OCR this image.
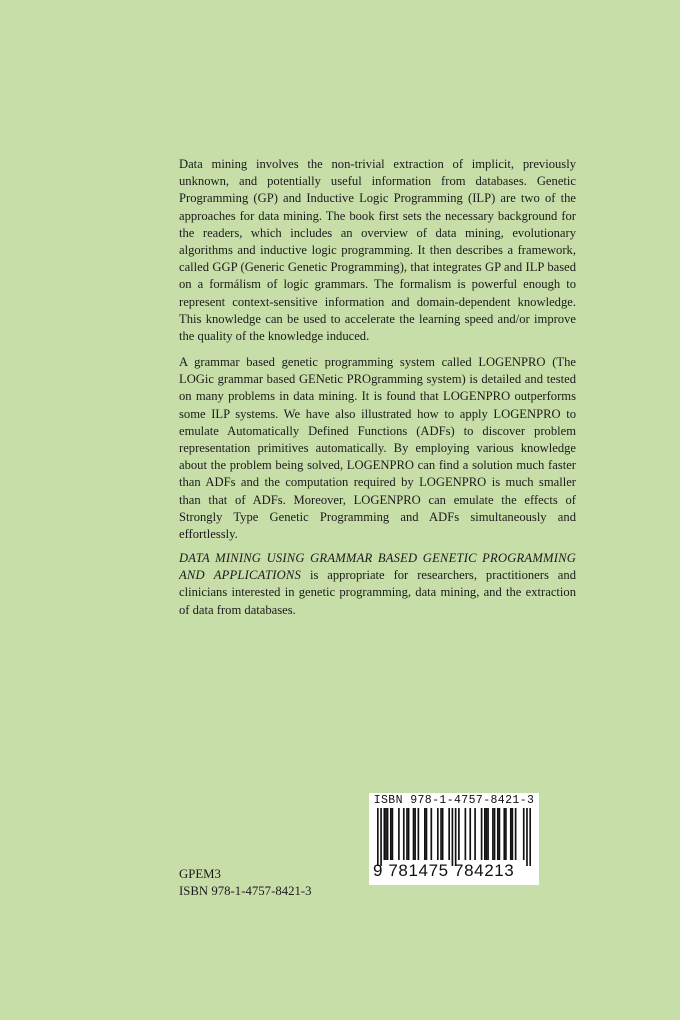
Data mining involves the non-trivial extraction of implicit, previously unknown, and potentially useful information from databases. Genetic Programming (GP) and Inductive Logic Programming (ILP) are two of the approaches for data mining. The book first sets the necessary background for the readers, which includes an overview of data mining, evolutionary algorithms and inductive logic programming. It then describes a framework, called GGP (Generic Genetic Programming), that integrates GP and ILP based on a formálism of logic grammars. The formalism is powerful enough to represent context-sensitive information and domain-dependent knowledge. This knowledge can be used to accelerate the learning speed and/or improve the quality of the knowledge induced.

A grammar based genetic programming system called LOGENPRO (The LOGic grammar based GENetic PROgramming system) is detailed and tested on many problems in data mining. It is found that LOGENPRO outperforms some ILP systems. We have also illustrated how to apply LOGENPRO to emulate Automatically Defined Functions (ADFs) to discover problem representation primitives automatically. By employing various knowledge about the problem being solved, LOGENPRO can find a solution much faster than ADFs and the computation required by LOGENPRO is much smaller than that of ADFs. Moreover, LOGENPRO can emulate the effects of Strongly Type Genetic Programming and ADFs simultaneously and effortlessly.

DATA MINING USING GRAMMAR BASED GENETIC PROGRAMMING AND APPLICATIONS is appropriate for researchers, practitioners and clinicians interested in genetic programming, data mining, and the extraction of data from databases.

ISBN 978-1-4757-8421-3
9 781475 784213
GPEM3
ISBN 978-1-4757-8421-3
